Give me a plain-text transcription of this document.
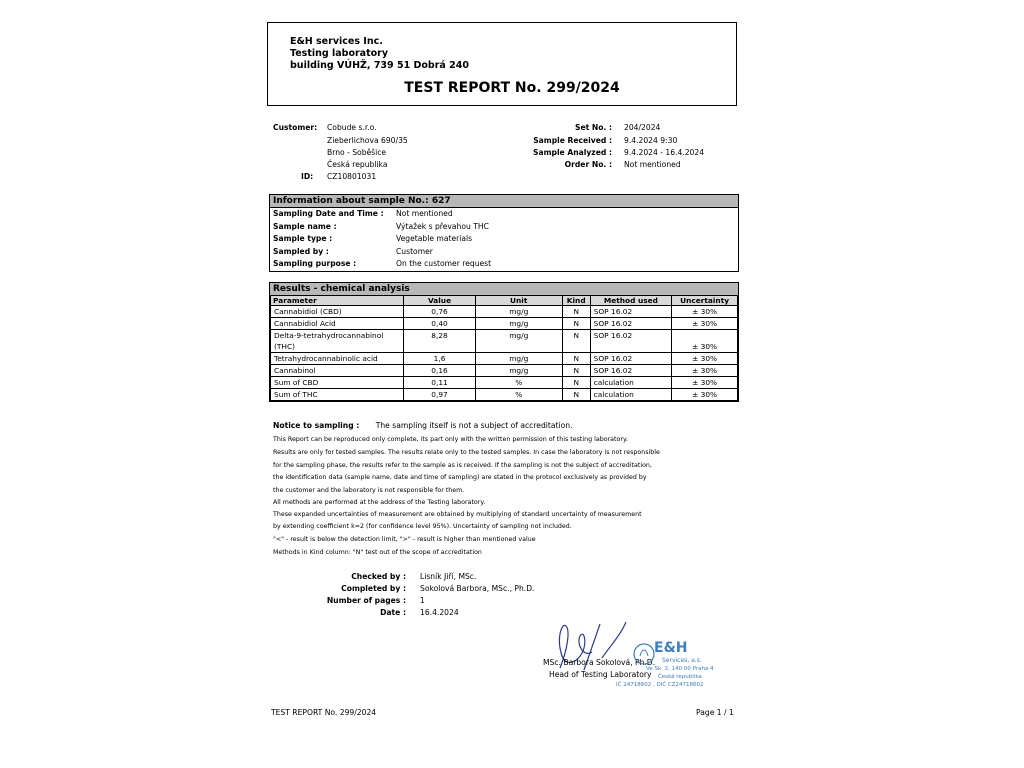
E&H services Inc.
Testing laboratory
building VÚHŽ, 739 51 Dobrá 240
TEST REPORT No. 299/2024
Customer: Cobude s.r.o.
Zieberlichova 690/35
Brno - Soběšice
Česká republika
ID: CZ10801031
Set No. : 204/2024
Sample Received : 9.4.2024 9:30
Sample Analyzed : 9.4.2024 - 16.4.2024
Order No. : Not mentioned
Information about sample No.: 627
Sampling Date and Time : Not mentioned
Sample name :	Výtažek s převahou THC
Sample type :	Vegetable materials
Sampled by :	Customer
Sampling purpose :	On the customer request
Results - chemical analysis
Parameter	Value	Unit	Kind	Method used	Uncertainty
Cannabidiol (CBD)	0,76	mg/g	N	SOP 16.02	± 30%
Cannabidiol Acid	0,40	mg/g	N	SOP 16.02	± 30%
Delta-9-tetrahydrocannabinol (THC)	8,28	mg/g	N	SOP 16.02	± 30%
Tetrahydrocannabinolic acid	1,6	mg/g	N	SOP 16.02	± 30%
Cannabinol	0,16	mg/g	N	SOP 16.02	± 30%
Sum of CBD	0,11	%	N	calculation	± 30%
Sum of THC	0,97	%	N	calculation	± 30%
Notice to sampling : The sampling itself is not a subject of accreditation.
This Report can be reproduced only complete, its part only with the written permission of this testing laboratory.
Results are only for tested samples. The results relate only to the tested samples. In case the laboratory is not responsible
for the sampling phase, the results refer to the sample as is received. If the sampling is not the subject of accreditation,
the identification data (sample name, date and time of sampling) are stated in the protocol exclusively as provided by
the customer and the laboratory is not responsible for them.
All methods are performed at the address of the Testing laboratory.
These expanded uncertainties of measurement are obtained by multiplying of standard uncertainty of measurement
by extending coefficient k=2 (for confidence level 95%). Uncertainty of sampling not included.
"<" - result is below the detection limit, ">" - result is higher than mentioned value
Methods in Kind column: "N" test out of the scope of accreditation
Checked by : Lisník Jiří, MSc.
Completed by : Sokolová Barbora, MSc., Ph.D.
Number of pages : 1
Date : 16.4.2024
MSc. Barbora Sokolová, Ph.D.
Head of Testing Laboratory
E&H
Services, a.s.
Ve Sk. 2, 140 00 Praha 4
Česká republika
IČ 24718602 , DIČ CZ24718602
TEST REPORT No. 299/2024	Page 1 / 1
